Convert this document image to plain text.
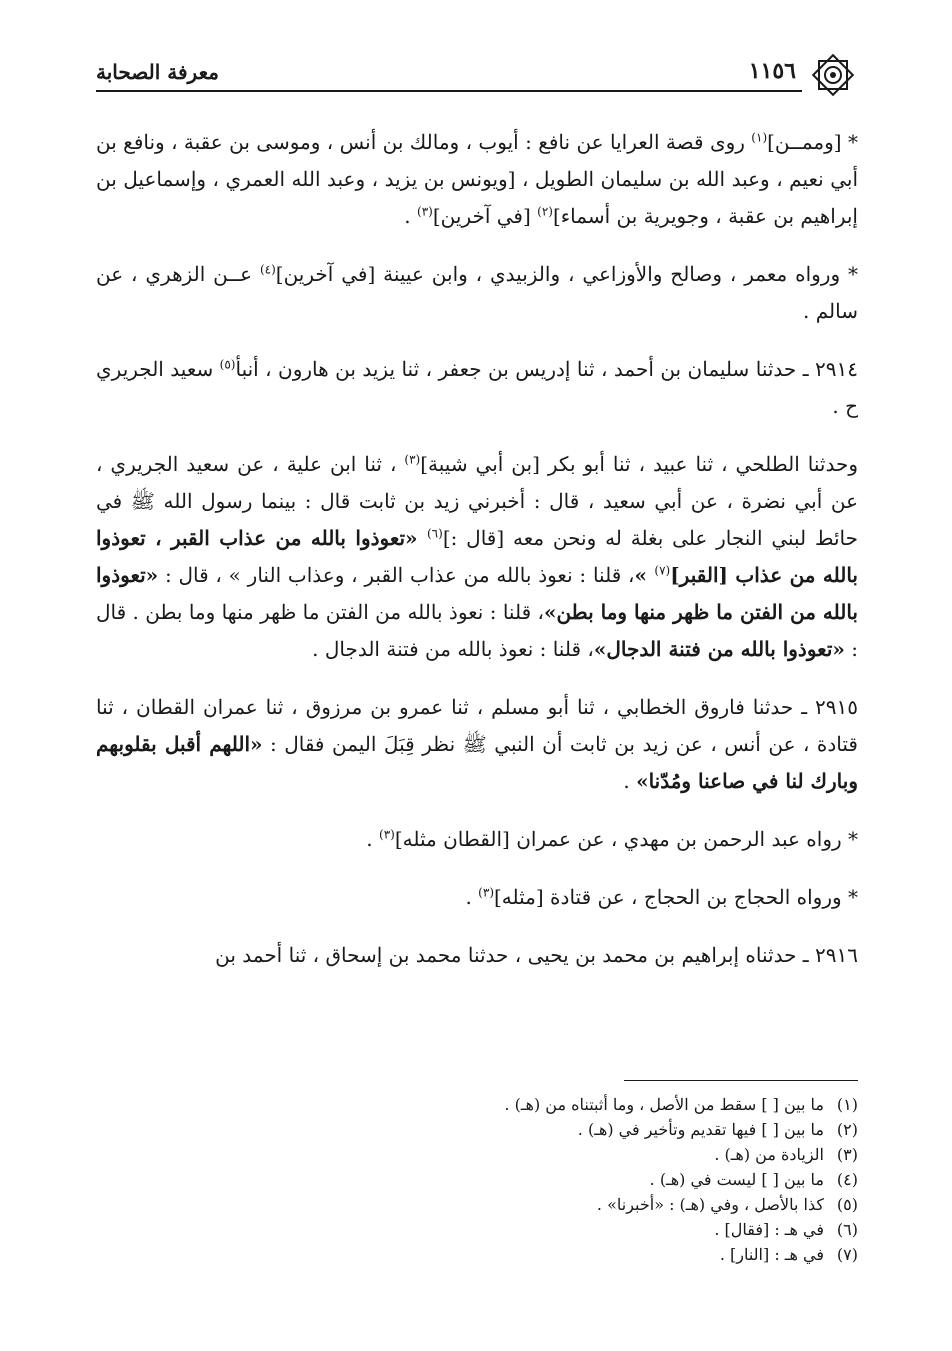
١١٥٦
معرفة الصحابة

* [وممــن]$^{(١)}$ روى قصة العرايا عن نافع : أيوب ، ومالك بن أنس ، وموسى بن عقبة ، ونافع بن أبي نعيم ، وعبد الله بن سليمان الطويل ، [ويونس بن يزيد ، وعبد الله العمري ، وإسماعيل بن إبراهيم بن عقبة ، وجويرية بن أسماء]$^{(٢)}$ [في آخرين]$^{(٣)}$ .

* ورواه معمر ، وصالح والأوزاعي ، والزبيدي ، وابن عيينة [في آخرين]$^{(٤)}$ عــن الزهري ، عن سالم .

٢٩١٤ ـ حدثنا سليمان بن أحمد ، ثنا إدريس بن جعفر ، ثنا يزيد بن هارون ، أنبأ$^{(٥)}$ سعيد الجريري ح .

وحدثنا الطلحي ، ثنا عبيد ، ثنا أبو بكر [بن أبي شيبة]$^{(٣)}$ ، ثنا ابن علية ، عن سعيد الجريري ، عن أبي نضرة ، عن أبي سعيد ، قال : أخبرني زيد بن ثابت قال : بينما رسول الله ﷺ في حائط لبني النجار على بغلة له ونحن معه [قال :]$^{(٦)}$ «تعوذوا بالله من عذاب القبر ، تعوذوا بالله من عذاب [القبر]$^{(٧)}$ »، قلنا : نعوذ بالله من عذاب القبر ، وعذاب النار » ، قال : «تعوذوا بالله من الفتن ما ظهر منها وما بطن»، قلنا : نعوذ بالله من الفتن ما ظهر منها وما بطن . قال : «تعوذوا بالله من فتنة الدجال»، قلنا : نعوذ بالله من فتنة الدجال .

٢٩١٥ ـ حدثنا فاروق الخطابي ، ثنا أبو مسلم ، ثنا عمرو بن مرزوق ، ثنا عمران القطان ، ثنا قتادة ، عن أنس ، عن زيد بن ثابت أن النبي ﷺ نظر قِبَلَ اليمن فقال : «اللهم أقبل بقلوبهم وبارك لنا في صاعنا ومُدّنا» .

* رواه عبد الرحمن بن مهدي ، عن عمران [القطان مثله]$^{(٣)}$ .

* ورواه الحجاج بن الحجاج ، عن قتادة [مثله]$^{(٣)}$ .

٢٩١٦ ـ حدثناه إبراهيم بن محمد بن يحيى ، حدثنا محمد بن إسحاق ، ثنا أحمد بن

(١)ما بين [ ] سقط من الأصل ، وما أثبتناه من (هـ) .
(٢)ما بين [ ] فيها تقديم وتأخير في (هـ) .
(٣)الزيادة من (هـ) .
(٤)ما بين [ ] ليست في (هـ) .
(٥)كذا بالأصل ، وفي (هـ) : «أخبرنا» .
(٦)في هـ : [فقال] .
(٧)في هـ : [النار] .
